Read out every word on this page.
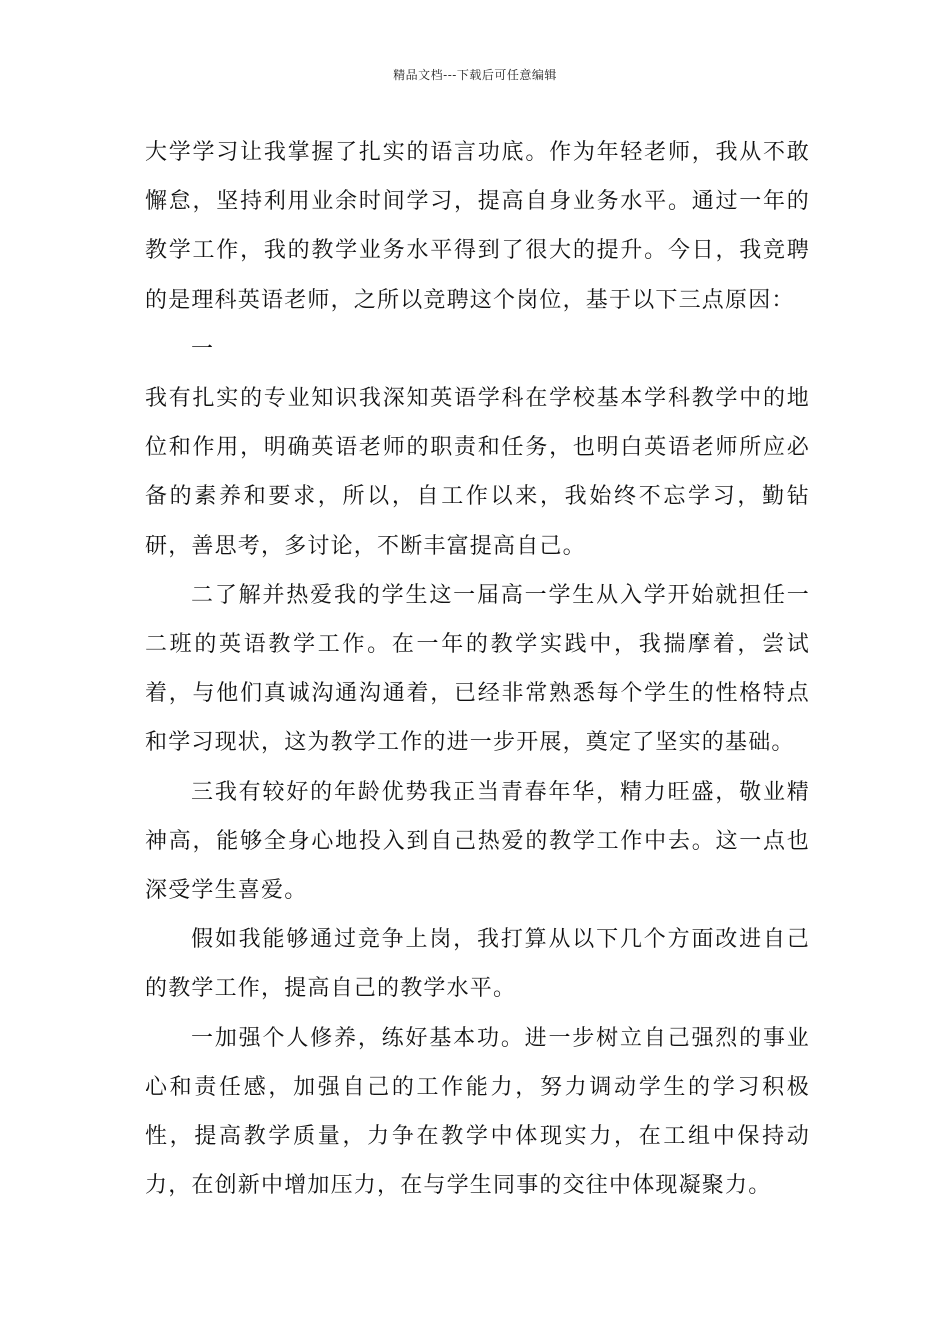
精品文档---下载后可任意编辑

大学学习让我掌握了扎实的语言功底。作为年轻老师，我从不敢懈怠，坚持利用业余时间学习，提高自身业务水平。通过一年的教学工作，我的教学业务水平得到了很大的提升。今日，我竞聘的是理科英语老师，之所以竞聘这个岗位，基于以下三点原因：

一

我有扎实的专业知识我深知英语学科在学校基本学科教学中的地位和作用，明确英语老师的职责和任务，也明白英语老师所应必备的素养和要求，所以，自工作以来，我始终不忘学习，勤钻研，善思考，多讨论，不断丰富提高自己。

二了解并热爱我的学生这一届高一学生从入学开始就担任一二班的英语教学工作。在一年的教学实践中，我揣摩着，尝试着，与他们真诚沟通沟通着，已经非常熟悉每个学生的性格特点和学习现状，这为教学工作的进一步开展，奠定了坚实的基础。

三我有较好的年龄优势我正当青春年华，精力旺盛，敬业精神高，能够全身心地投入到自己热爱的教学工作中去。这一点也深受学生喜爱。

假如我能够通过竞争上岗，我打算从以下几个方面改进自己的教学工作，提高自己的教学水平。

一加强个人修养，练好基本功。进一步树立自己强烈的事业心和责任感，加强自己的工作能力，努力调动学生的学习积极性，提高教学质量，力争在教学中体现实力，在工组中保持动力，在创新中增加压力，在与学生同事的交往中体现凝聚力。
